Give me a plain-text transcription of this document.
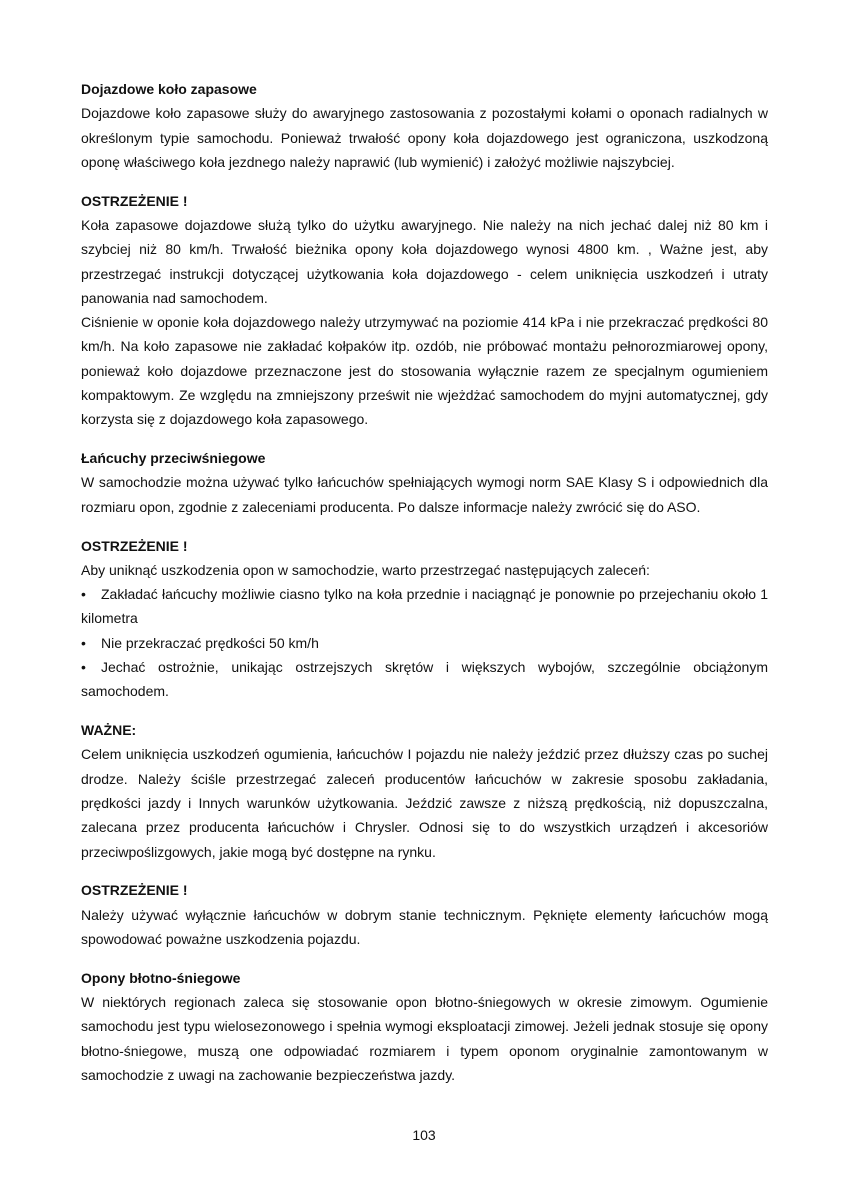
Dojazdowe koło zapasowe

Dojazdowe koło zapasowe służy do awaryjnego zastosowania z pozostałymi kołami o oponach radialnych w określonym typie samochodu. Ponieważ trwałość opony koła dojazdowego jest ograniczona, uszkodzoną oponę właściwego koła jezdnego należy naprawić (lub wymienić) i założyć możliwie najszybciej.

OSTRZEŻENIE !

Koła zapasowe dojazdowe służą tylko do użytku awaryjnego. Nie należy na nich jechać dalej niż 80 km i szybciej niż 80 km/h. Trwałość bieżnika opony koła dojazdowego wynosi 4800 km. , Ważne jest, aby przestrzegać instrukcji dotyczącej użytkowania koła dojazdowego - celem uniknięcia uszkodzeń i utraty panowania nad samochodem.

Ciśnienie w oponie koła dojazdowego należy utrzymywać na poziomie 414 kPa i nie przekraczać prędkości 80 km/h. Na koło zapasowe nie zakładać kołpaków itp. ozdób, nie próbować montażu pełnorozmiarowej opony, ponieważ koło dojazdowe przeznaczone jest do stosowania wyłącznie razem ze specjalnym ogumieniem kompaktowym. Ze względu na zmniejszony prześwit nie wjeżdżać samochodem do myjni automatycznej, gdy korzysta się z dojazdowego koła zapasowego.

Łańcuchy przeciwśniegowe

W samochodzie można używać tylko łańcuchów spełniających wymogi norm SAE Klasy S i odpowiednich dla rozmiaru opon, zgodnie z zaleceniami producenta. Po dalsze informacje należy zwrócić się do ASO.

OSTRZEŻENIE !

Aby uniknąć uszkodzenia opon w samochodzie, warto przestrzegać następujących zaleceń:

• Zakładać łańcuchy możliwie ciasno tylko na koła przednie i naciągnąć je ponownie po przejechaniu około 1 kilometra

• Nie przekraczać prędkości 50 km/h

• Jechać ostrożnie, unikając ostrzejszych skrętów i większych wybojów, szczególnie obciążonym samochodem.

WAŻNE:

Celem uniknięcia uszkodzeń ogumienia, łańcuchów I pojazdu nie należy jeździć przez dłuższy czas po suchej drodze. Należy ściśle przestrzegać zaleceń producentów łańcuchów w zakresie sposobu zakładania, prędkości jazdy i Innych warunków użytkowania. Jeździć zawsze z niższą prędkością, niż dopuszczalna, zalecana przez producenta łańcuchów i Chrysler. Odnosi się to do wszystkich urządzeń i akcesoriów przeciwpoślizgowych, jakie mogą być dostępne na rynku.

OSTRZEŻENIE !

Należy używać wyłącznie łańcuchów w dobrym stanie technicznym. Pęknięte elementy łańcuchów mogą spowodować poważne uszkodzenia pojazdu.

Opony błotno-śniegowe

W niektórych regionach zaleca się stosowanie opon błotno-śniegowych w okresie zimowym. Ogumienie samochodu jest typu wielosezonowego i spełnia wymogi eksploatacji zimowej. Jeżeli jednak stosuje się opony błotno-śniegowe, muszą one odpowiadać rozmiarem i typem oponom oryginalnie zamontowanym w samochodzie z uwagi na zachowanie bezpieczeństwa jazdy.

103
